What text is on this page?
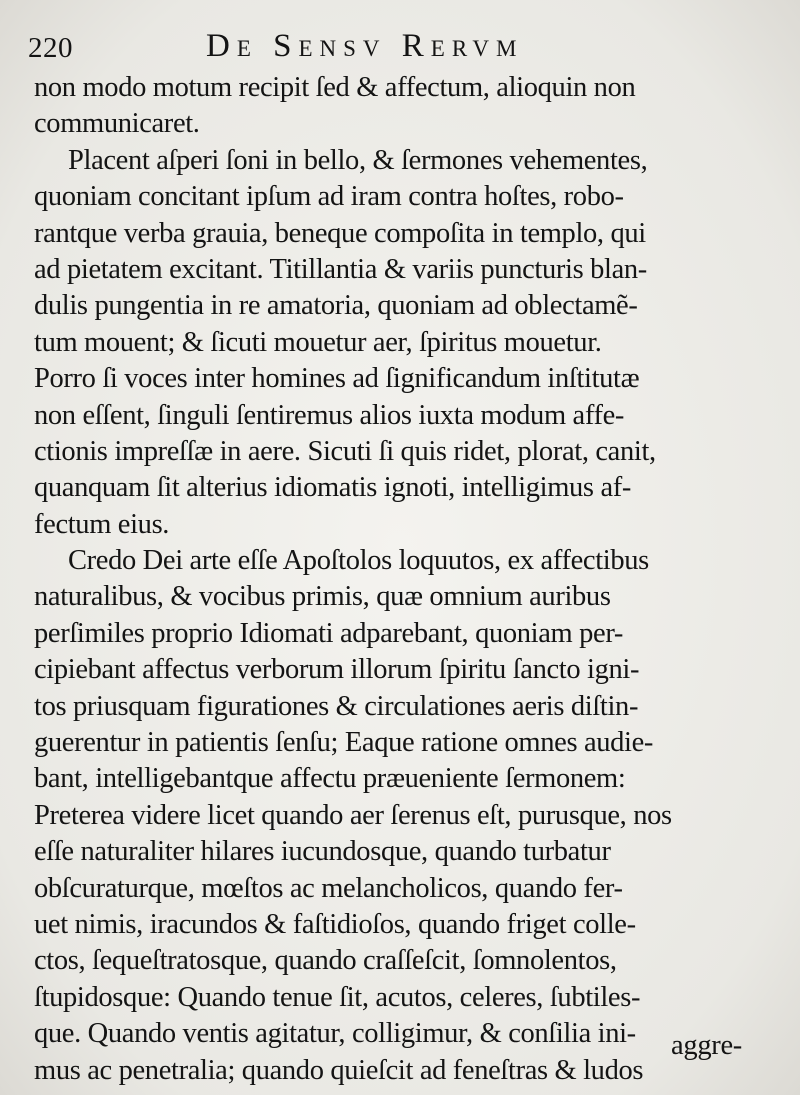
220	De Sensv Rervm
non modo motum recipit ſed & affectum, alioquin non
communicaret.
Placent aſperi ſoni in bello, & ſermones vehementes,
quoniam concitant ipſum ad iram contra hoſtes, robo-
rantque verba grauia, beneque compoſita in templo, qui
ad pietatem excitant. Titillantia & variis puncturis blan-
dulis pungentia in re amatoria, quoniam ad oblectamẽ-
tum mouent; & ſicuti mouetur aer, ſpiritus mouetur.
Porro ſi voces inter homines ad ſignificandum inſtitutæ
non eſſent, ſinguli ſentiremus alios iuxta modum affe-
ctionis impreſſæ in aere. Sicuti ſi quis ridet, plorat, canit,
quanquam ſit alterius idiomatis ignoti, intelligimus af-
fectum eius.
Credo Dei arte eſſe Apoſtolos loquutos, ex affectibus
naturalibus, & vocibus primis, quæ omnium auribus
perſimiles proprio Idiomati adparebant, quoniam per-
cipiebant affectus verborum illorum ſpiritu ſancto igni-
tos priusquam figurationes & circulationes aeris diſtin-
guerentur in patientis ſenſu; Eaque ratione omnes audie-
bant, intelligebantque affectu præueniente ſermonem:
Preterea videre licet quando aer ſerenus eſt, purusque, nos
eſſe naturaliter hilares iucundosque, quando turbatur
obſcuraturque, mœſtos ac melancholicos, quando fer-
uet nimis, iracundos & faſtidioſos, quando friget colle-
ctos, ſequeſtratosque, quando craſſeſcit, ſomnolentos,
ſtupidosque: Quando tenue ſit, acutos, celeres, ſubtiles-
que. Quando ventis agitatur, colligimur, & conſilia ini-
mus ac penetralia; quando quieſcit ad feneſtras & ludos
aggre-
